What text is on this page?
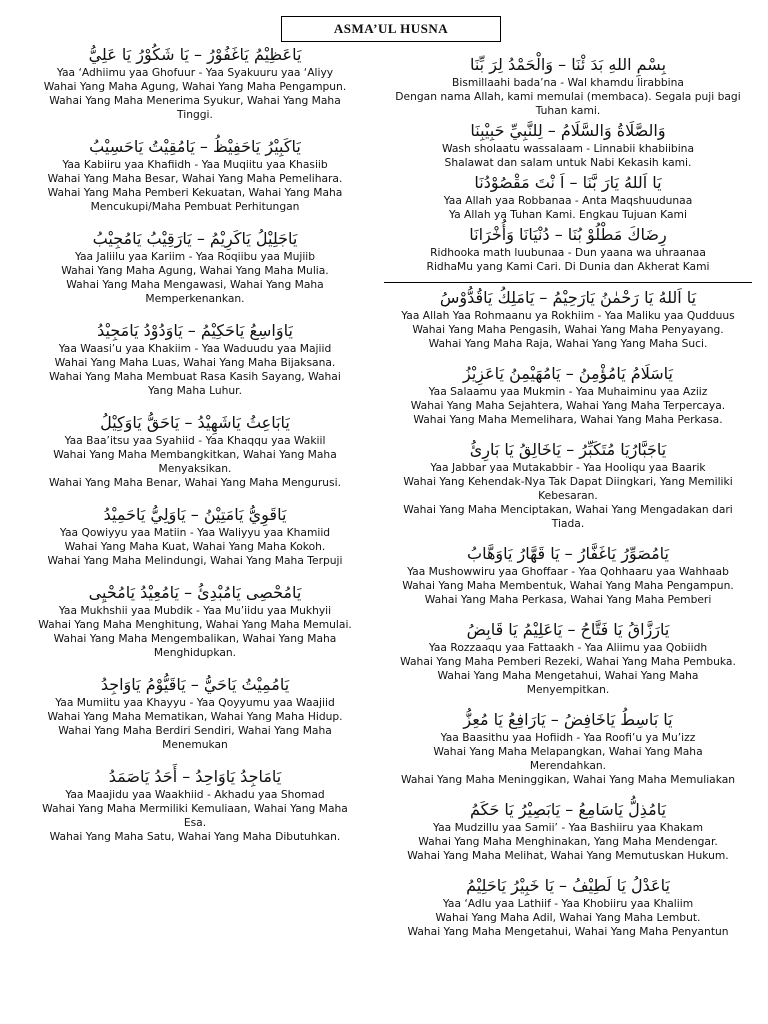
ASMA’UL HUSNA
يَاعَظِيْمُ يَاغَفُوْرُ – يَا شَكُوْرُ يَا عَلِيُّ
Yaa ‘Adhiimu yaa Ghofuur - Yaa Syakuuru yaa ‘Aliyy
Wahai Yang Maha Agung, Wahai Yang Maha Pengampun.
Wahai Yang Maha Menerima Syukur, Wahai Yang Maha
Tinggi.
يَاكَبِيْرُ يَاحَفِيْظُ – يَامُقِيْتُ يَاحَسِيْبُ
Yaa Kabiiru yaa Khafiidh - Yaa Muqiitu yaa Khasiib
Wahai Yang Maha Besar, Wahai Yang Maha Pemelihara.
Wahai Yang Maha Pemberi Kekuatan, Wahai Yang Maha
Mencukupi/Maha Pembuat Perhitungan
يَاجَلِيْلُ يَاكَرِيْمُ – يَارَقِيْبُ يَامُجِيْبُ
Yaa Jaliilu yaa Kariim - Yaa Roqiibu yaa Mujiib
Wahai Yang Maha Agung, Wahai Yang Maha Mulia.
Wahai Yang Maha Mengawasi, Wahai Yang Maha
Memperkenankan.
يَاوَاسِعُ يَاحَكِيْمُ – يَاوَدُوْدُ يَامَجِيْدُ
Yaa Waasi’u yaa Khakiim - Yaa Waduudu yaa Majiid
Wahai Yang Maha Luas, Wahai Yang Maha Bijaksana.
Wahai Yang Maha Membuat Rasa Kasih Sayang, Wahai
Yang Maha Luhur.
يَابَاعِثُ يَاشَهِيْدُ – يَاحَقُّ يَاوَكِيْلُ
Yaa Baa’itsu yaa Syahiid - Yaa Khaqqu yaa Wakiil
Wahai Yang Maha Membangkitkan, Wahai Yang Maha
Menyaksikan.
Wahai Yang Maha Benar, Wahai Yang Maha Mengurusi.
يَاقَوِيُّ يَامَتِيْنُ – يَاوَلِيُّ يَاحَمِيْدُ
Yaa Qowiyyu yaa Matiin - Yaa Waliyyu yaa Khamiid
Wahai Yang Maha Kuat, Wahai Yang Maha Kokoh.
Wahai Yang Maha Melindungi, Wahai Yang Maha Terpuji
يَامُحْصِى يَامُبْدِئُ – يَامُعِيْدُ يَامُحْيِى
Yaa Mukhshii yaa Mubdik - Yaa Mu’iidu yaa Mukhyii
Wahai Yang Maha Menghitung, Wahai Yang Maha Memulai.
Wahai Yang Maha Mengembalikan, Wahai Yang Maha
Menghidupkan.
يَامُمِيْتُ يَاحَيُّ – يَاقَيُّوْمُ يَاوَاجِدُ
Yaa Mumiitu yaa Khayyu - Yaa Qoyyumu yaa Waajiid
Wahai Yang Maha Mematikan, Wahai Yang Maha Hidup.
Wahai Yang Maha Berdiri Sendiri, Wahai Yang Maha
Menemukan
يَامَاجِدُ يَاوَاحِدُ – أَحَدُ يَاصَمَدُ
Yaa Maajidu yaa Waakhiid - Akhadu yaa Shomad
Wahai Yang Maha Mermiliki Kemuliaan, Wahai Yang Maha
Esa.
Wahai Yang Maha Satu, Wahai Yang Maha Dibutuhkan.
بِسْمِ اللهِ بَدَ ئْنَا – وَالْحَمْدُ لِرَ بِّنَا
Bismillaahi bada’na - Wal khamdu lirabbina
Dengan nama Allah, kami memulai (membaca). Segala puji bagi
Tuhan kami.
وَالصَّلَاةُ وَالسَّلَامُ – لِلنَّبِيِّ حَبِيْبِنَا
Wash sholaatu wassalaam - Linnabii khabiibina
Shalawat dan salam untuk Nabi Kekasih kami.
يَا اَللهُ يَارَ بَّنَا – اَ نْتَ مَقْصُوْدُنَا
Yaa Allah yaa Robbanaa - Anta Maqshuudunaa
Ya Allah ya Tuhan Kami. Engkau Tujuan Kami
رِضَاكَ مَطْلُوْ بُنَا – دُنْيَانَا وَأُخْرَانَا
Ridhooka math luubunaa - Dun yaana wa uhraanaa
RidhaMu yang Kami Cari. Di Dunia dan Akherat Kami
يَا اَللهُ يَا رَحْمٰنُ يَارَحِيْمُ – يَامَلِكُ يَاقُدُّوْسُ
Yaa Allah Yaa Rohmaanu ya Rokhiim - Yaa Maliku yaa Qudduus
Wahai Yang Maha Pengasih, Wahai Yang Maha Penyayang.
Wahai Yang Maha Raja, Wahai Yang Yang Maha Suci.
يَاسَلَامُ يَامُؤْمِنُ – يَامُهَيْمِنُ يَاعَزِيْزُ
Yaa Salaamu yaa Mukmin - Yaa Muhaiminu yaa Aziiz
Wahai Yang Maha Sejahtera, Wahai Yang Maha Terpercaya.
Wahai Yang Maha Memelihara, Wahai Yang Maha Perkasa.
يَاجَبَّارُيَا مُتَكَبِّرُ – يَاخَالِقُ يَا بَارِئُ
Yaa Jabbar yaa Mutakabbir - Yaa Hooliqu yaa Baarik
Wahai Yang Kehendak-Nya Tak Dapat Diingkari, Yang Memiliki
Kebesaran.
Wahai Yang Maha Menciptakan, Wahai Yang Mengadakan dari
Tiada.
يَامُصَوِّرُ يَاغَفَّارُ – يَا قَهَّارُ يَاوَهَّابُ
Yaa Mushowwiru yaa Ghoffaar - Yaa Qohhaaru yaa Wahhaab
Wahai Yang Maha Membentuk, Wahai Yang Maha Pengampun.
Wahai Yang Maha Perkasa, Wahai Yang Maha Pemberi
يَارَزَّاقُ يَا فَتَّاحُ – يَاعَلِيْمُ يَا قَابِضُ
Yaa Rozzaaqu yaa Fattaakh - Yaa Aliimu yaa Qobiidh
Wahai Yang Maha Pemberi Rezeki, Wahai Yang Maha Pembuka.
Wahai Yang Maha Mengetahui, Wahai Yang Maha
Menyempitkan.
يَا بَاسِطُ يَاخَافِضُ – يَارَافِعُ يَا مُعِزُّ
Yaa Baasithu yaa Hofiidh - Yaa Roofi’u ya Mu’izz
Wahai Yang Maha Melapangkan, Wahai Yang Maha
Merendahkan.
Wahai Yang Maha Meninggikan, Wahai Yang Maha Memuliakan
يَامُذِلُّ يَاسَامِعُ – يَابَصِيْرُ يَا حَكَمُ
Yaa Mudzillu yaa Samii’ - Yaa Bashiiru yaa Khakam
Wahai Yang Maha Menghinakan, Yang Maha Mendengar.
Wahai Yang Maha Melihat, Wahai Yang Memutuskan Hukum.
يَاعَدْلُ يَا لَطِيْفُ – يَا خَبِيْرُ يَاحَلِيْمُ
Yaa ‘Adlu yaa Lathiif - Yaa Khobiiru yaa Khaliim
Wahai Yang Maha Adil, Wahai Yang Maha Lembut.
Wahai Yang Maha Mengetahui, Wahai Yang Maha Penyantun
